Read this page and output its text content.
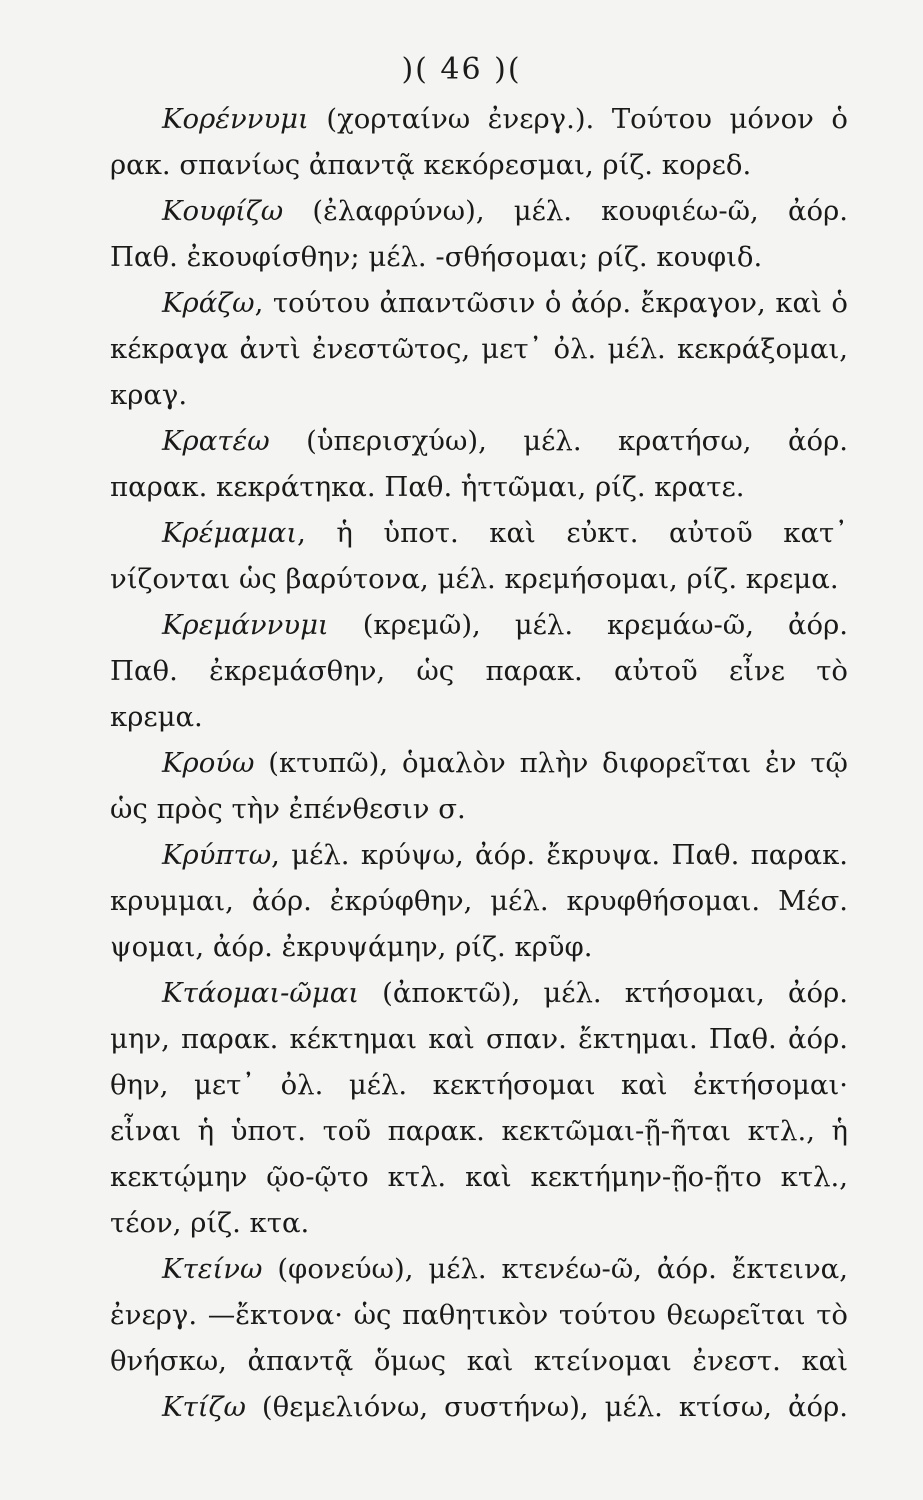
)( 46 )(
Κορέννυμι (χορταίνω ἐνεργ.). Τούτου μόνον ὁ
ρακ. σπανίως ἀπαντᾷ κεκόρεσμαι, ρίζ. κορεδ.
Κουφίζω (ἐλαφρύνω), μέλ. κουφιέω-ῶ, ἀόρ.
Παθ. ἐκουφίσθην; μέλ. -σθήσομαι; ρίζ. κουφιδ.
Κράζω, τούτου ἀπαντῶσιν ὁ ἀόρ. ἔκραγον, καὶ ὁ
κέκραγα ἀντὶ ἐνεστῶτος, μετ᾽ ὀλ. μέλ. κεκράξομαι,
κραγ.
Κρατέω (ὑπερισχύω), μέλ. κρατήσω, ἀόρ.
παρακ. κεκράτηκα. Παθ. ἡττῶμαι, ρίζ. κρατε.
Κρέμαμαι, ἡ ὑποτ. καὶ εὐκτ. αὐτοῦ κατ᾽
νίζονται ὡς βαρύτονα, μέλ. κρεμήσομαι, ρίζ. κρεμα.
Κρεμάννυμι (κρεμῶ), μέλ. κρεμάω-ῶ, ἀόρ.
Παθ. ἐκρεμάσθην, ὡς παρακ. αὐτοῦ εἶνε τὸ
κρεμα.
Κρούω (κτυπῶ), ὁμαλὸν πλὴν διφορεῖται ἐν τῷ
ὡς πρὸς τὴν ἐπένθεσιν σ.
Κρύπτω, μέλ. κρύψω, ἀόρ. ἔκρυψα. Παθ. παρακ.
κρυμμαι, ἀόρ. ἐκρύφθην, μέλ. κρυφθήσομαι. Μέσ.
ψομαι, ἀόρ. ἐκρυψάμην, ρίζ. κρῦφ.
Κτάομαι-ῶμαι (ἀποκτῶ), μέλ. κτήσομαι, ἀόρ.
μην, παρακ. κέκτημαι καὶ σπαν. ἔκτημαι. Παθ. ἀόρ.
θην, μετ᾽ ὀλ. μέλ. κεκτήσομαι καὶ ἐκτήσομαι·
εἶναι ἡ ὑποτ. τοῦ παρακ. κεκτῶμαι-ῇ-ῆται κτλ., ἡ
κεκτῴμην ῷο-ῷτο κτλ. καὶ κεκτήμην-ῇο-ῇτο κτλ.,
τέον, ρίζ. κτα.
Κτείνω (φονεύω), μέλ. κτενέω-ῶ, ἀόρ. ἔκτεινα,
ἐνεργ. —ἔκτονα· ὡς παθητικὸν τούτου θεωρεῖται τὸ
θνήσκω, ἀπαντᾷ ὅμως καὶ κτείνομαι ἐνεστ. καὶ
Κτίζω (θεμελιόνω, συστήνω), μέλ. κτίσω, ἀόρ.
